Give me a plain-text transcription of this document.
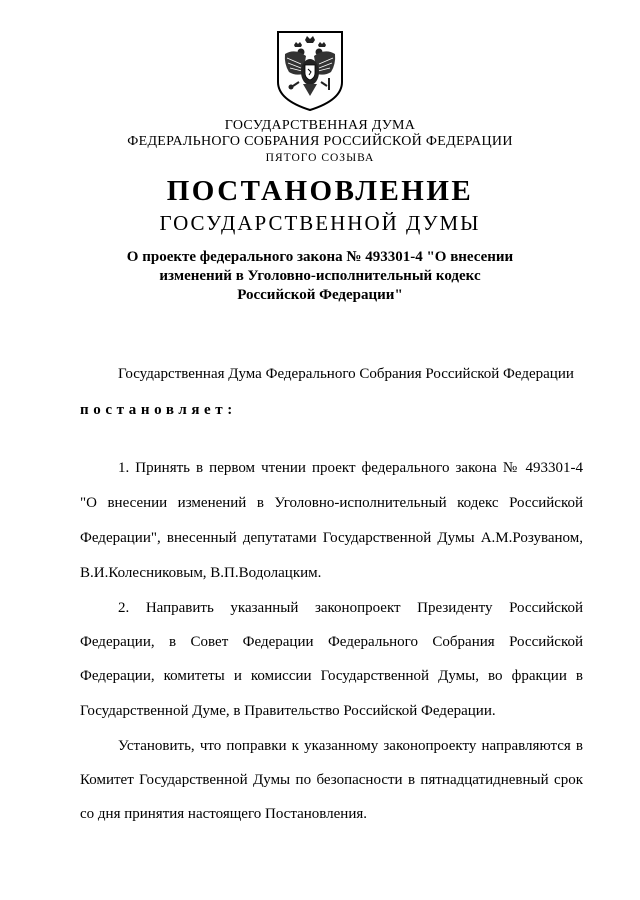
ГОСУДАРСТВЕННАЯ ДУМА
ФЕДЕРАЛЬНОГО СОБРАНИЯ РОССИЙСКОЙ ФЕДЕРАЦИИ
ПЯТОГО СОЗЫВА
ПОСТАНОВЛЕНИЕ
ГОСУДАРСТВЕННОЙ ДУМЫ
О проекте федерального закона № 493301-4 "О внесении
изменений в Уголовно-исполнительный кодекс
Российской Федерации"
Государственная Дума Федерального Собрания Российской Федерации
постановляет:
1. Принять в первом чтении проект федерального закона № 493301-4
"О внесении изменений в Уголовно-исполнительный кодекс Российской
Федерации", внесенный депутатами Государственной Думы А.М.Розуваном,
В.И.Колесниковым, В.П.Водолацким.
2. Направить указанный законопроект Президенту Российской
Федерации, в Совет Федерации Федерального Собрания Российской
Федерации, комитеты и комиссии Государственной Думы, во фракции в
Государственной Думе, в Правительство Российской Федерации.
Установить, что поправки к указанному законопроекту направляются в
Комитет Государственной Думы по безопасности в пятнадцатидневный срок
со дня принятия настоящего Постановления.
